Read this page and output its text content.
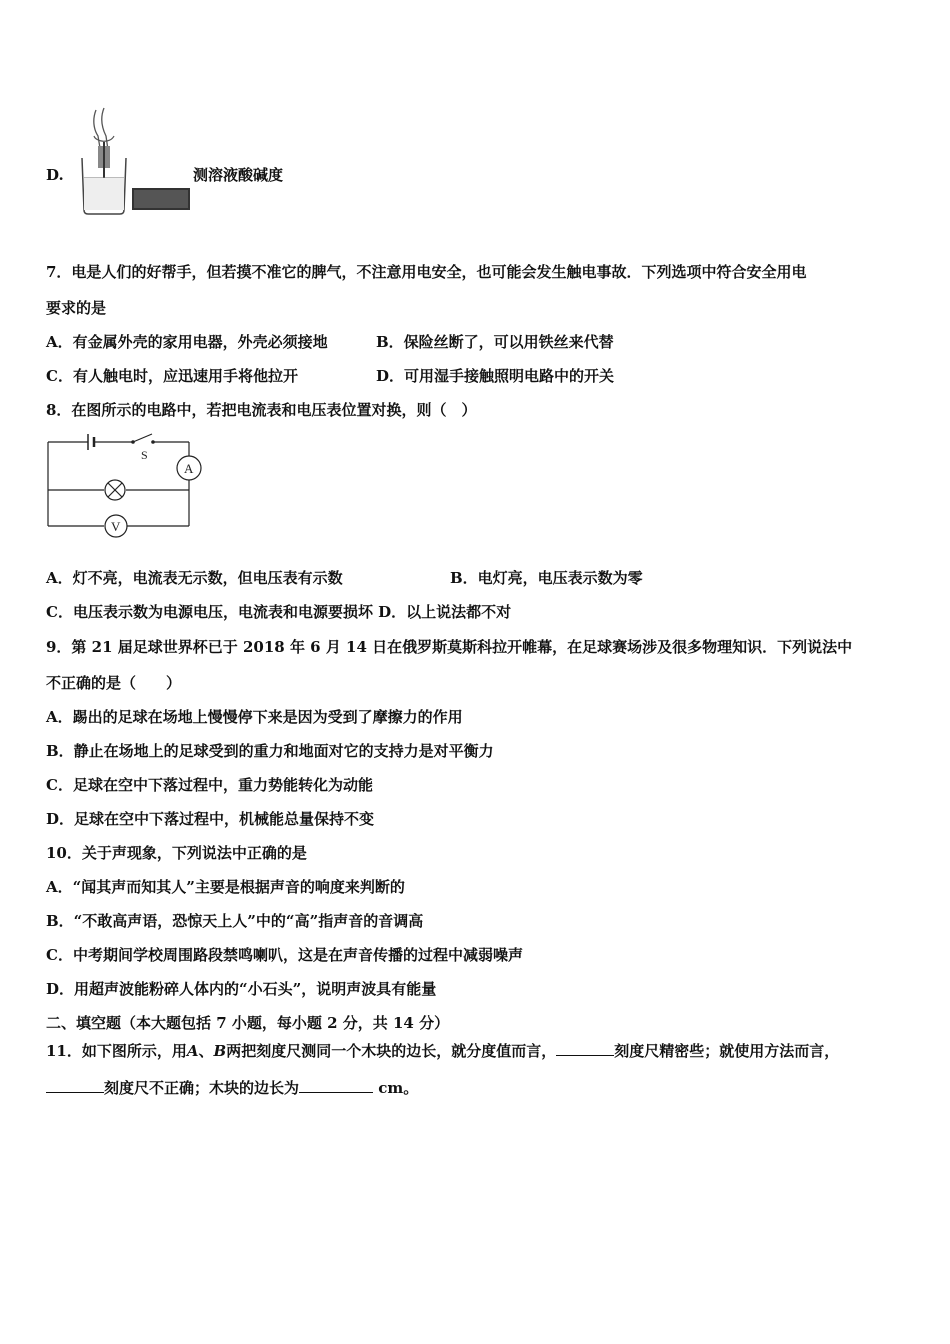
D.	测溶液酸碱度
7．电是人们的好帮手，但若摸不准它的脾气，不注意用电安全，也可能会发生触电事故．下列选项中符合安全用电
要求的是
A．有金属外壳的家用电器，外壳必须接地	B．保险丝断了，可以用铁丝来代替
C．有人触电时，应迅速用手将他拉开	D．可用湿手接触照明电路中的开关
8．在图所示的电路中，若把电流表和电压表位置对换，则（　）
S
A
V
A．灯不亮，电流表无示数，但电压表有示数	B．电灯亮，电压表示数为零
C．电压表示数为电源电压，电流表和电源要损坏 D．以上说法都不对
9．第 21 届足球世界杯已于 2018 年 6 月 14 日在俄罗斯莫斯科拉开帷幕，在足球赛场涉及很多物理知识．下列说法中
不正确的是（　　）
A．踢出的足球在场地上慢慢停下来是因为受到了摩擦力的作用
B．静止在场地上的足球受到的重力和地面对它的支持力是对平衡力
C．足球在空中下落过程中，重力势能转化为动能
D．足球在空中下落过程中，机械能总量保持不变
10．关于声现象，下列说法中正确的是
A．“闻其声而知其人”主要是根据声音的响度来判断的
B．“不敢高声语，恐惊天上人”中的“高”指声音的音调高
C．中考期间学校周围路段禁鸣喇叭，这是在声音传播的过程中减弱噪声
D．用超声波能粉碎人体内的“小石头”，说明声波具有能量
二、填空题（本大题包括 7 小题，每小题 2 分，共 14 分）
11．如下图所示，用A、B两把刻度尺测同一个木块的边长，就分度值而言，	刻度尺精密些；就使用方法而言，
刻度尺不正确；木块的边长为	cm。
